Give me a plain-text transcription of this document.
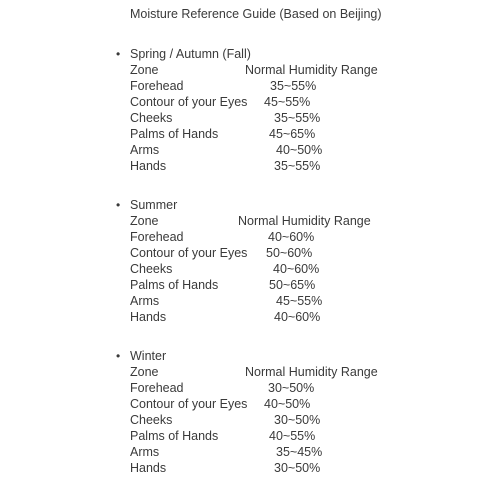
Moisture Reference Guide (Based on Beijing)
• Spring / Autumn (Fall)
Zone	Normal Humidity Range
Forehead	35~55%
Contour of your Eyes 45~55%
Cheeks	35~55%
Palms of Hands	45~65%
Arms	40~50%
Hands	35~55%
• Summer
Zone	Normal Humidity Range
Forehead	40~60%
Contour of your Eyes 50~60%
Cheeks	40~60%
Palms of Hands	50~65%
Arms	45~55%
Hands	40~60%
• Winter
Zone	Normal Humidity Range
Forehead	30~50%
Contour of your Eyes 40~50%
Cheeks	30~50%
Palms of Hands	40~55%
Arms	35~45%
Hands	30~50%
